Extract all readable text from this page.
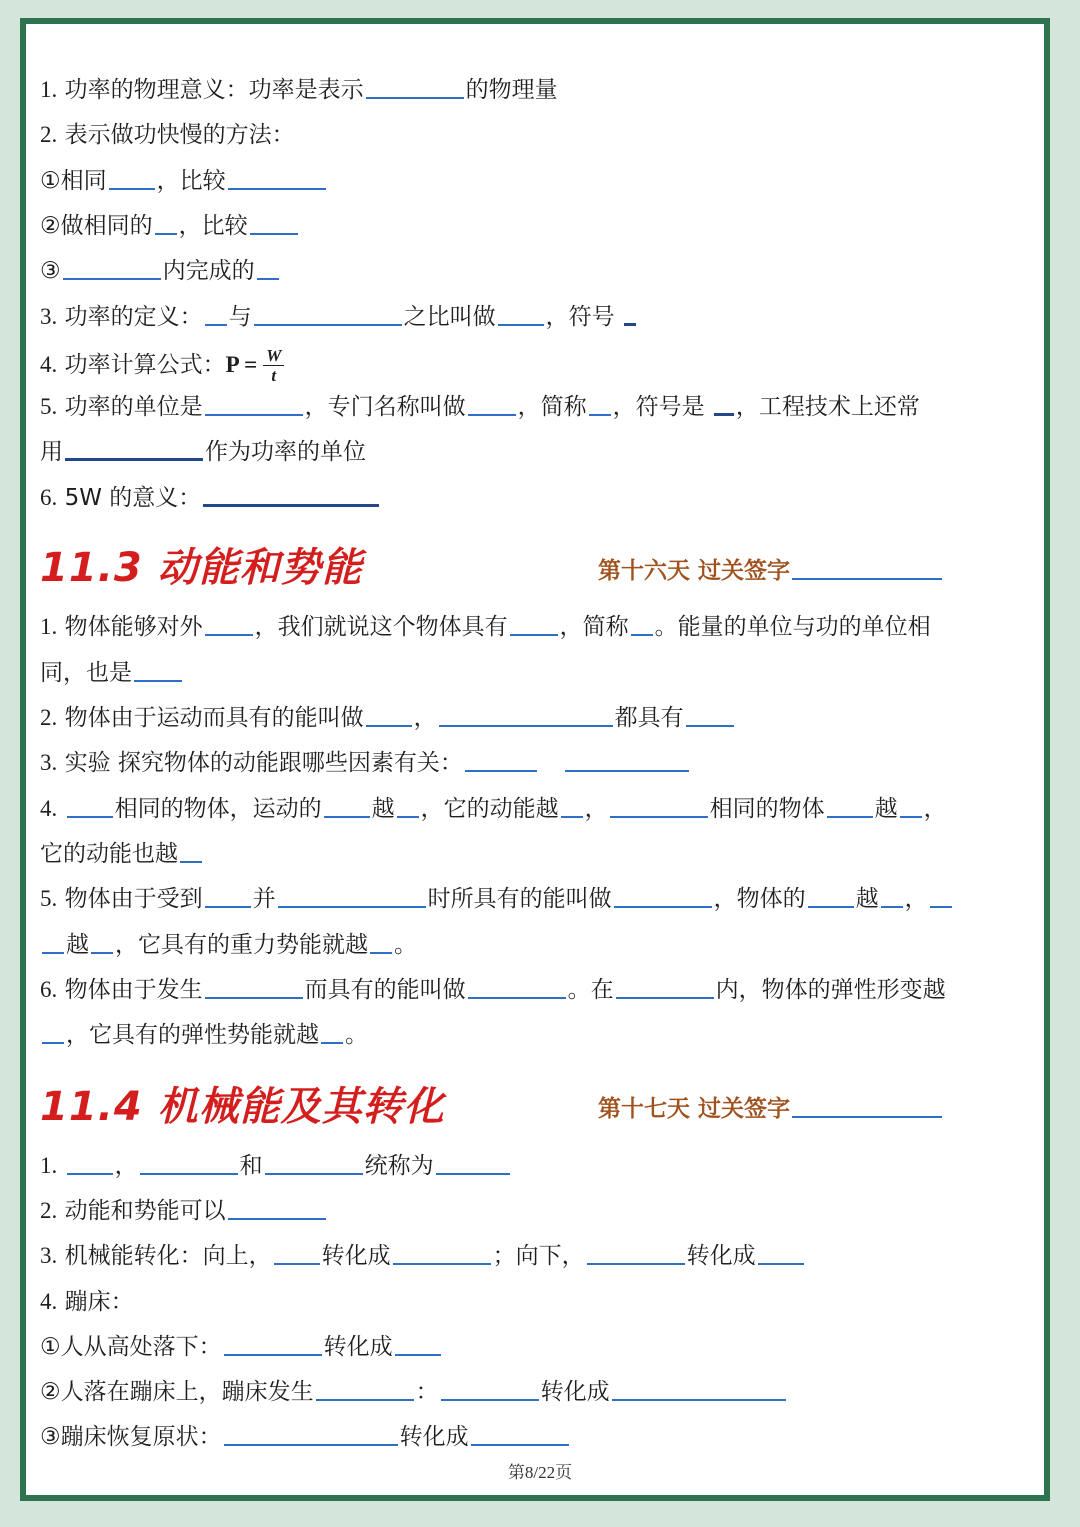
1. 功率的物理意义：功率是表示	的物理量
2. 表示做功快慢的方法：
①相同 ，比较
②做相同的 ，比较
③	内完成的
3. 功率的定义： 与	之比叫做 ，符号
4. 功率计算公式：$P = \frac{W}{t}$
5. 功率的单位是	，专门名称叫做 ，简称 ，符号是 ，工程技术上还常
用	作为功率的单位
6. 5W 的意义：
11.3 动能和势能	第十六天 过关签字
1. 物体能够对外 ，我们就说这个物体具有 ，简称 。能量的单位与功的单位相
同，也是
2. 物体由于运动而具有的能叫做 ，	都具有
3. 实验 探究物体的动能跟哪些因素有关：
4. 相同的物体，运动的 越 ，它的动能越 ，	相同的物体 越 ，
它的动能也越
5. 物体由于受到 并	时所具有的能叫做	，物体的 越 ，
越 ，它具有的重力势能就越 。
6. 物体由于发生	而具有的能叫做	。在	内，物体的弹性形变越
，它具有的弹性势能就越 。
11.4 机械能及其转化	第十七天 过关签字
1. ，	和	统称为
2. 动能和势能可以
3. 机械能转化：向上， 转化成	；向下，	转化成
4. 蹦床：
①人从高处落下：	转化成
②人落在蹦床上，蹦床发生	：	转化成
③蹦床恢复原状：	转化成
第8/22页
